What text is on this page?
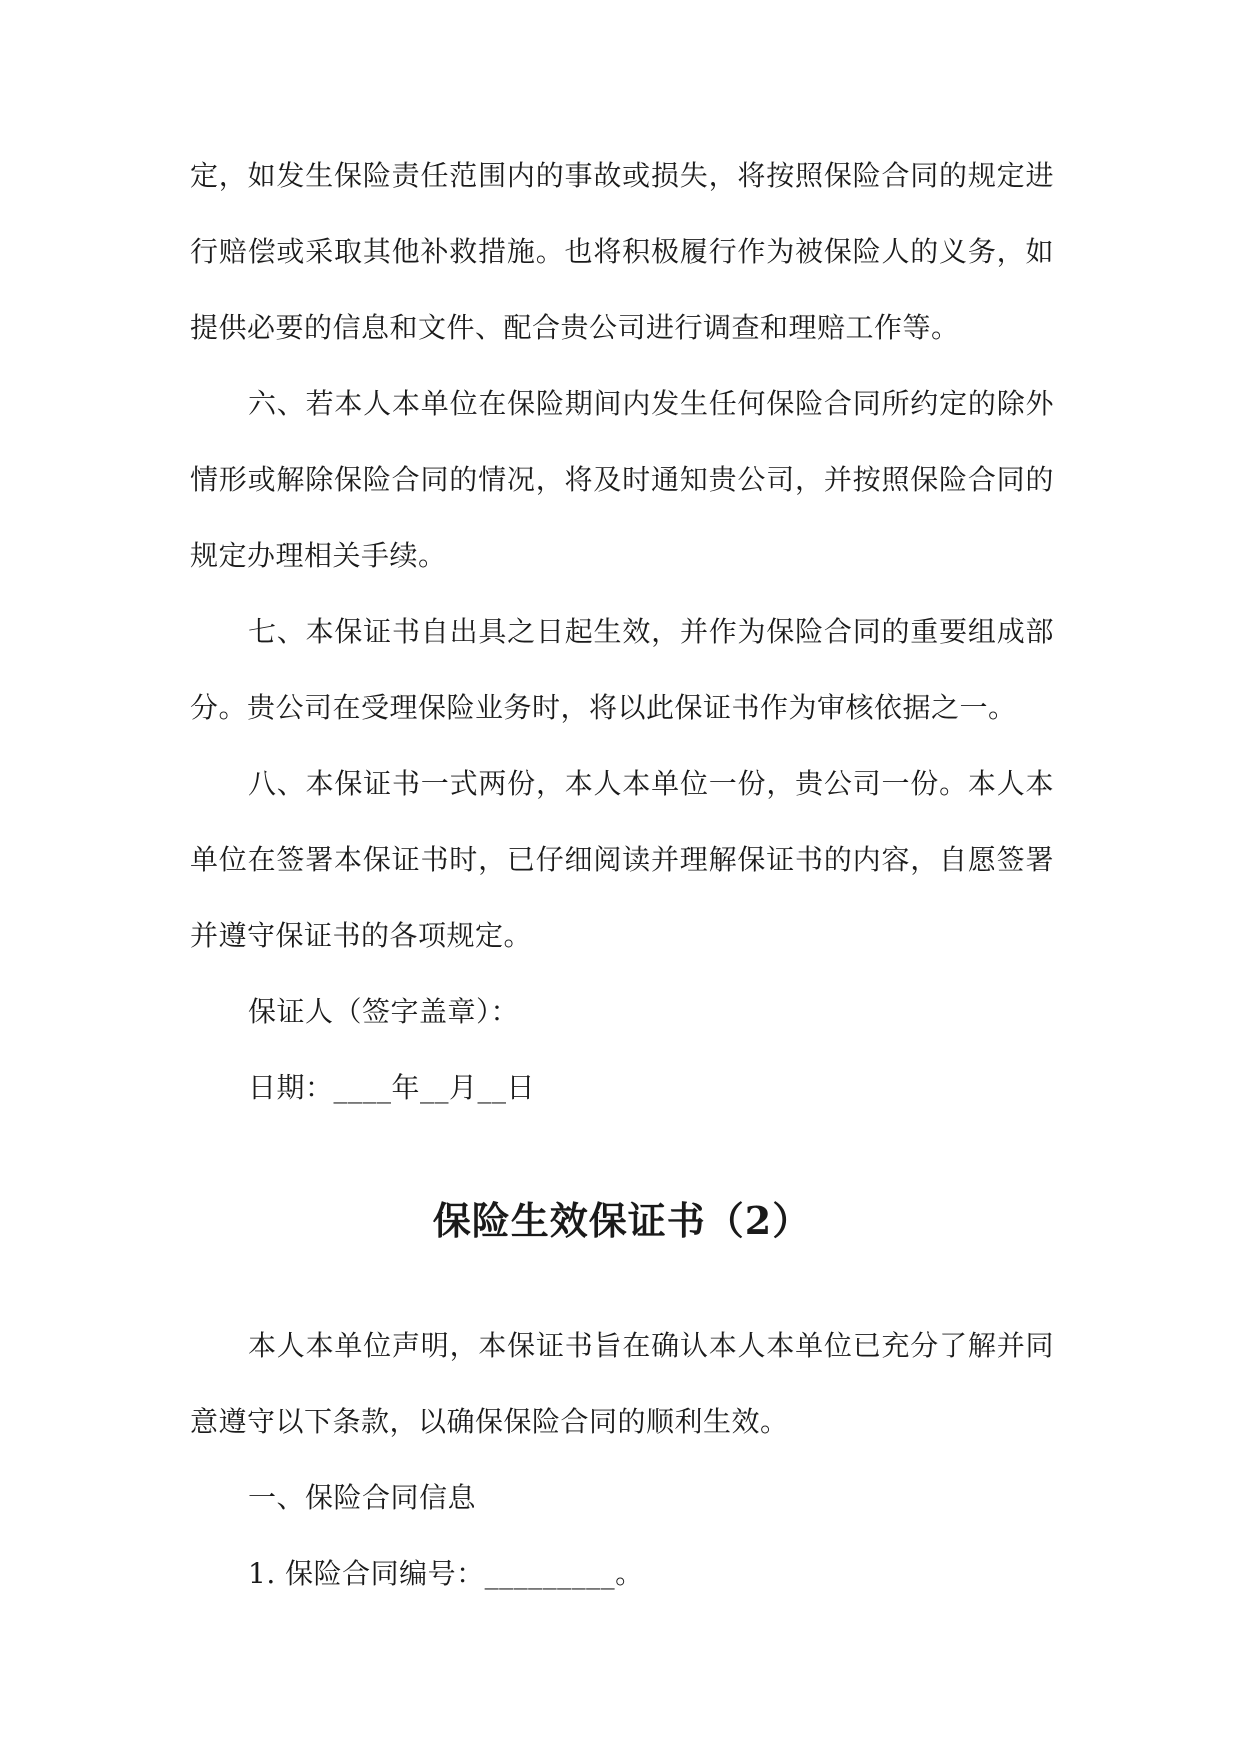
定，如发生保险责任范围内的事故或损失，将按照保险合同的规定进行赔偿或采取其他补救措施。也将积极履行作为被保险人的义务，如提供必要的信息和文件、配合贵公司进行调查和理赔工作等。

六、若本人本单位在保险期间内发生任何保险合同所约定的除外情形或解除保险合同的情况，将及时通知贵公司，并按照保险合同的规定办理相关手续。

七、本保证书自出具之日起生效，并作为保险合同的重要组成部分。贵公司在受理保险业务时，将以此保证书作为审核依据之一。

八、本保证书一式两份，本人本单位一份，贵公司一份。本人本单位在签署本保证书时，已仔细阅读并理解保证书的内容，自愿签署并遵守保证书的各项规定。

保证人（签字盖章）：

日期：____年__月__日

保险生效保证书（2）

本人本单位声明，本保证书旨在确认本人本单位已充分了解并同意遵守以下条款，以确保保险合同的顺利生效。

一、保险合同信息

1. 保险合同编号：_________。
